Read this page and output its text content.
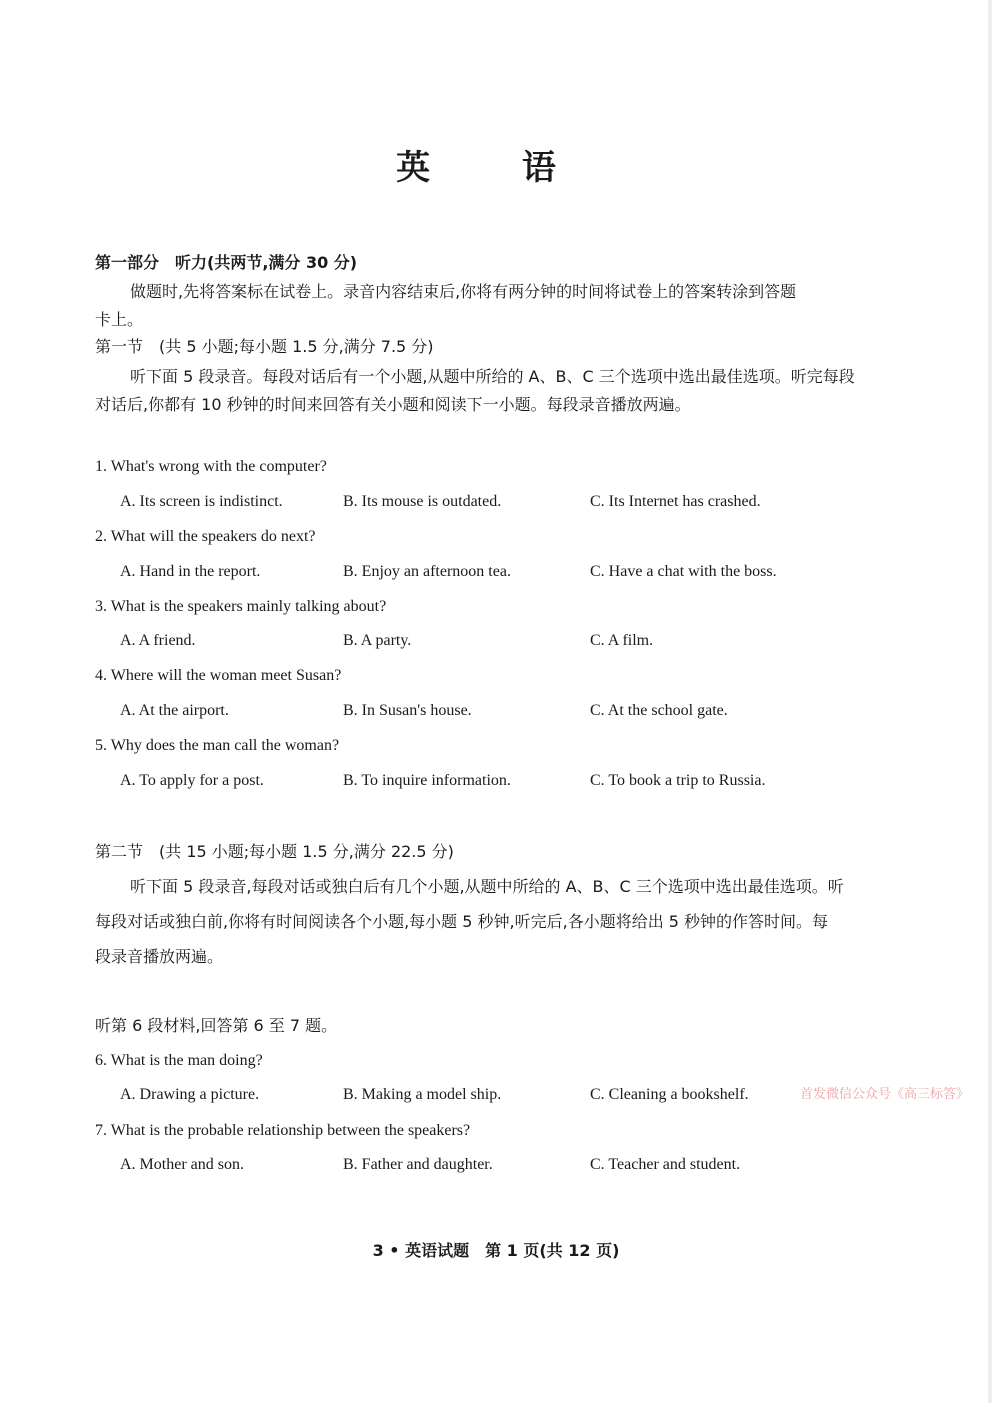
英 语
第一部分　听力(共两节,满分 30 分)
做题时,先将答案标在试卷上。录音内容结束后,你将有两分钟的时间将试卷上的答案转涂到答题
卡上。
第一节　(共 5 小题;每小题 1.5 分,满分 7.5 分)
听下面 5 段录音。每段对话后有一个小题,从题中所给的 A、B、C 三个选项中选出最佳选项。听完每段
对话后,你都有 10 秒钟的时间来回答有关小题和阅读下一小题。每段录音播放两遍。
1. What's wrong with the computer?
A. Its screen is indistinct.	B. Its mouse is outdated.	C. Its Internet has crashed.
2. What will the speakers do next?
A. Hand in the report.	B. Enjoy an afternoon tea.	C. Have a chat with the boss.
3. What is the speakers mainly talking about?
A. A friend.	B. A party.	C. A film.
4. Where will the woman meet Susan?
A. At the airport.	B. In Susan's house.	C. At the school gate.
5. Why does the man call the woman?
A. To apply for a post.	B. To inquire information.	C. To book a trip to Russia.
第二节　(共 15 小题;每小题 1.5 分,满分 22.5 分)
听下面 5 段录音,每段对话或独白后有几个小题,从题中所给的 A、B、C 三个选项中选出最佳选项。听
每段对话或独白前,你将有时间阅读各个小题,每小题 5 秒钟,听完后,各小题将给出 5 秒钟的作答时间。每
段录音播放两遍。
听第 6 段材料,回答第 6 至 7 题。
6. What is the man doing?
A. Drawing a picture.	B. Making a model ship.	C. Cleaning a bookshelf.
7. What is the probable relationship between the speakers?
A. Mother and son.	B. Father and daughter.	C. Teacher and student.
首发微信公众号《高三标答》
3 • 英语试题　第 1 页(共 12 页)
